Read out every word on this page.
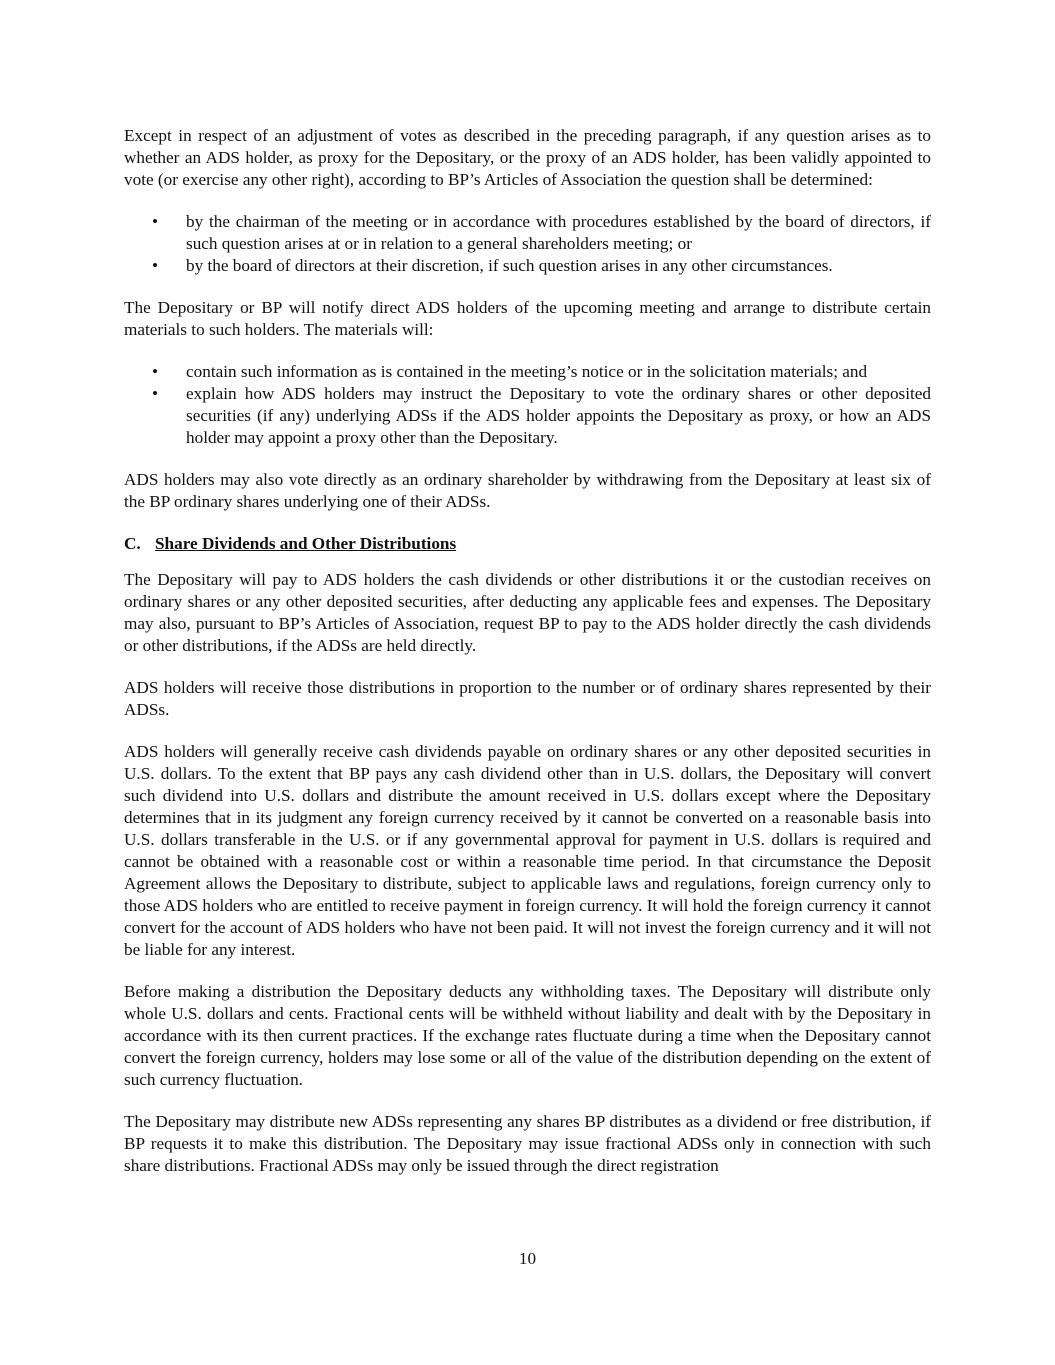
Except in respect of an adjustment of votes as described in the preceding paragraph, if any question arises as to whether an ADS holder, as proxy for the Depositary, or the proxy of an ADS holder, has been validly appointed to vote (or exercise any other right), according to BP’s Articles of Association the question shall be determined:

• by the chairman of the meeting or in accordance with procedures established by the board of directors, if such question arises at or in relation to a general shareholders meeting; or
• by the board of directors at their discretion, if such question arises in any other circumstances.

The Depositary or BP will notify direct ADS holders of the upcoming meeting and arrange to distribute certain materials to such holders. The materials will:

• contain such information as is contained in the meeting’s notice or in the solicitation materials; and
• explain how ADS holders may instruct the Depositary to vote the ordinary shares or other deposited securities (if any) underlying ADSs if the ADS holder appoints the Depositary as proxy, or how an ADS holder may appoint a proxy other than the Depositary.

ADS holders may also vote directly as an ordinary shareholder by withdrawing from the Depositary at least six of the BP ordinary shares underlying one of their ADSs.

C. Share Dividends and Other Distributions

The Depositary will pay to ADS holders the cash dividends or other distributions it or the custodian receives on ordinary shares or any other deposited securities, after deducting any applicable fees and expenses. The Depositary may also, pursuant to BP’s Articles of Association, request BP to pay to the ADS holder directly the cash dividends or other distributions, if the ADSs are held directly.

ADS holders will receive those distributions in proportion to the number or of ordinary shares represented by their ADSs.

ADS holders will generally receive cash dividends payable on ordinary shares or any other deposited securities in U.S. dollars. To the extent that BP pays any cash dividend other than in U.S. dollars, the Depositary will convert such dividend into U.S. dollars and distribute the amount received in U.S. dollars except where the Depositary determines that in its judgment any foreign currency received by it cannot be converted on a reasonable basis into U.S. dollars transferable in the U.S. or if any governmental approval for payment in U.S. dollars is required and cannot be obtained with a reasonable cost or within a reasonable time period. In that circumstance the Deposit Agreement allows the Depositary to distribute, subject to applicable laws and regulations, foreign currency only to those ADS holders who are entitled to receive payment in foreign currency. It will hold the foreign currency it cannot convert for the account of ADS holders who have not been paid. It will not invest the foreign currency and it will not be liable for any interest.

Before making a distribution the Depositary deducts any withholding taxes. The Depositary will distribute only whole U.S. dollars and cents. Fractional cents will be withheld without liability and dealt with by the Depositary in accordance with its then current practices. If the exchange rates fluctuate during a time when the Depositary cannot convert the foreign currency, holders may lose some or all of the value of the distribution depending on the extent of such currency fluctuation.

The Depositary may distribute new ADSs representing any shares BP distributes as a dividend or free distribution, if BP requests it to make this distribution. The Depositary may issue fractional ADSs only in connection with such share distributions. Fractional ADSs may only be issued through the direct registration

10
